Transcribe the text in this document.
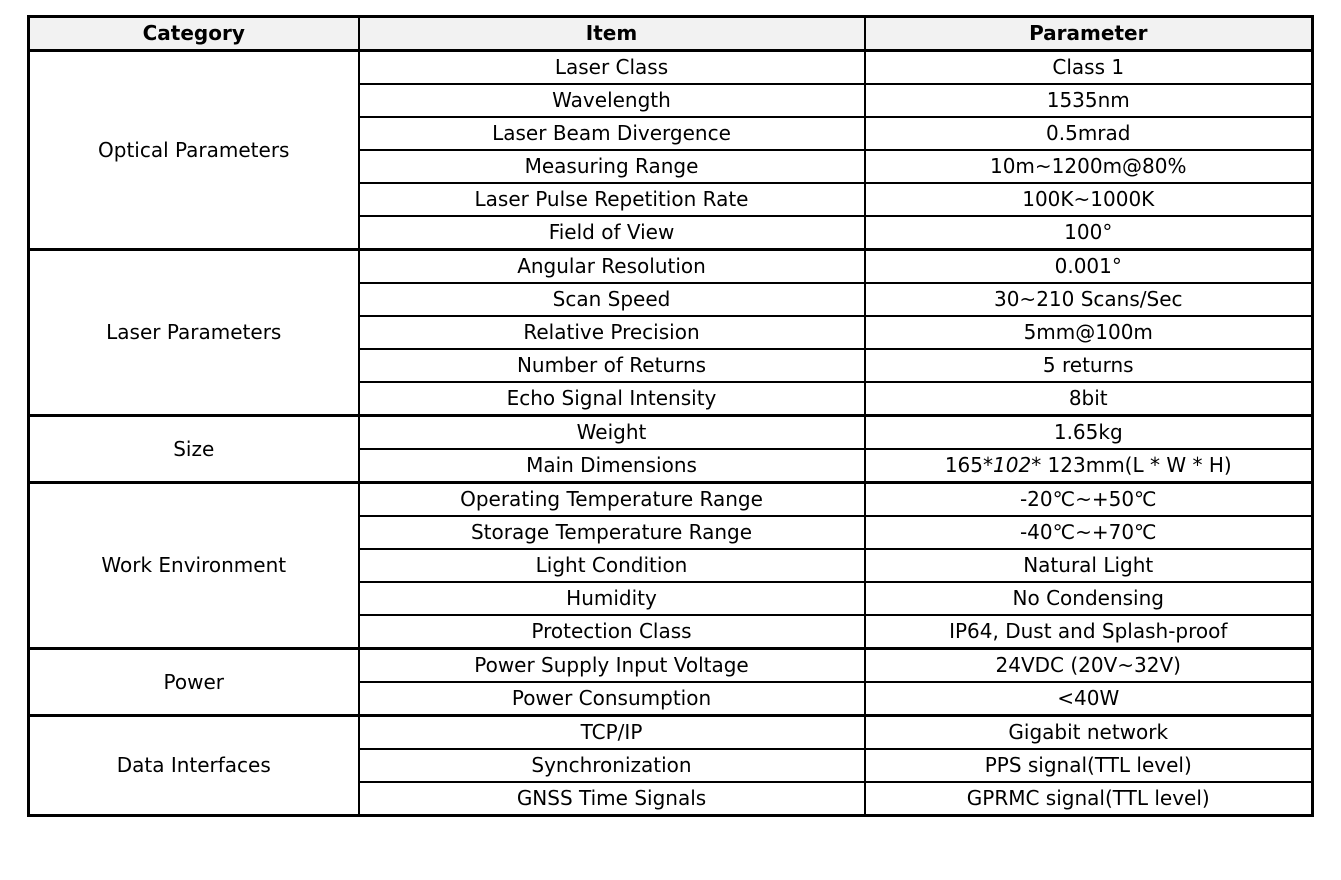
Category	Item	Parameter
Optical Parameters	Laser Class	Class 1
	Wavelength	1535nm
	Laser Beam Divergence	0.5mrad
	Measuring Range	10m~1200m@80%
	Laser Pulse Repetition Rate	100K~1000K
	Field of View	100°
Laser Parameters	Angular Resolution	0.001°
	Scan Speed	30~210 Scans/Sec
	Relative Precision	5mm@100m
	Number of Returns	5 returns
	Echo Signal Intensity	8bit
Size	Weight	1.65kg
	Main Dimensions	165*102* 123mm(L * W * H)
Work Environment	Operating Temperature Range	-20℃~+50℃
	Storage Temperature Range	-40℃~+70℃
	Light Condition	Natural Light
	Humidity	No Condensing
	Protection Class	IP64, Dust and Splash-proof
Power	Power Supply Input Voltage	24VDC (20V~32V)
	Power Consumption	<40W
Data Interfaces	TCP/IP	Gigabit network
	Synchronization	PPS signal(TTL level)
	GNSS Time Signals	GPRMC signal(TTL level)
